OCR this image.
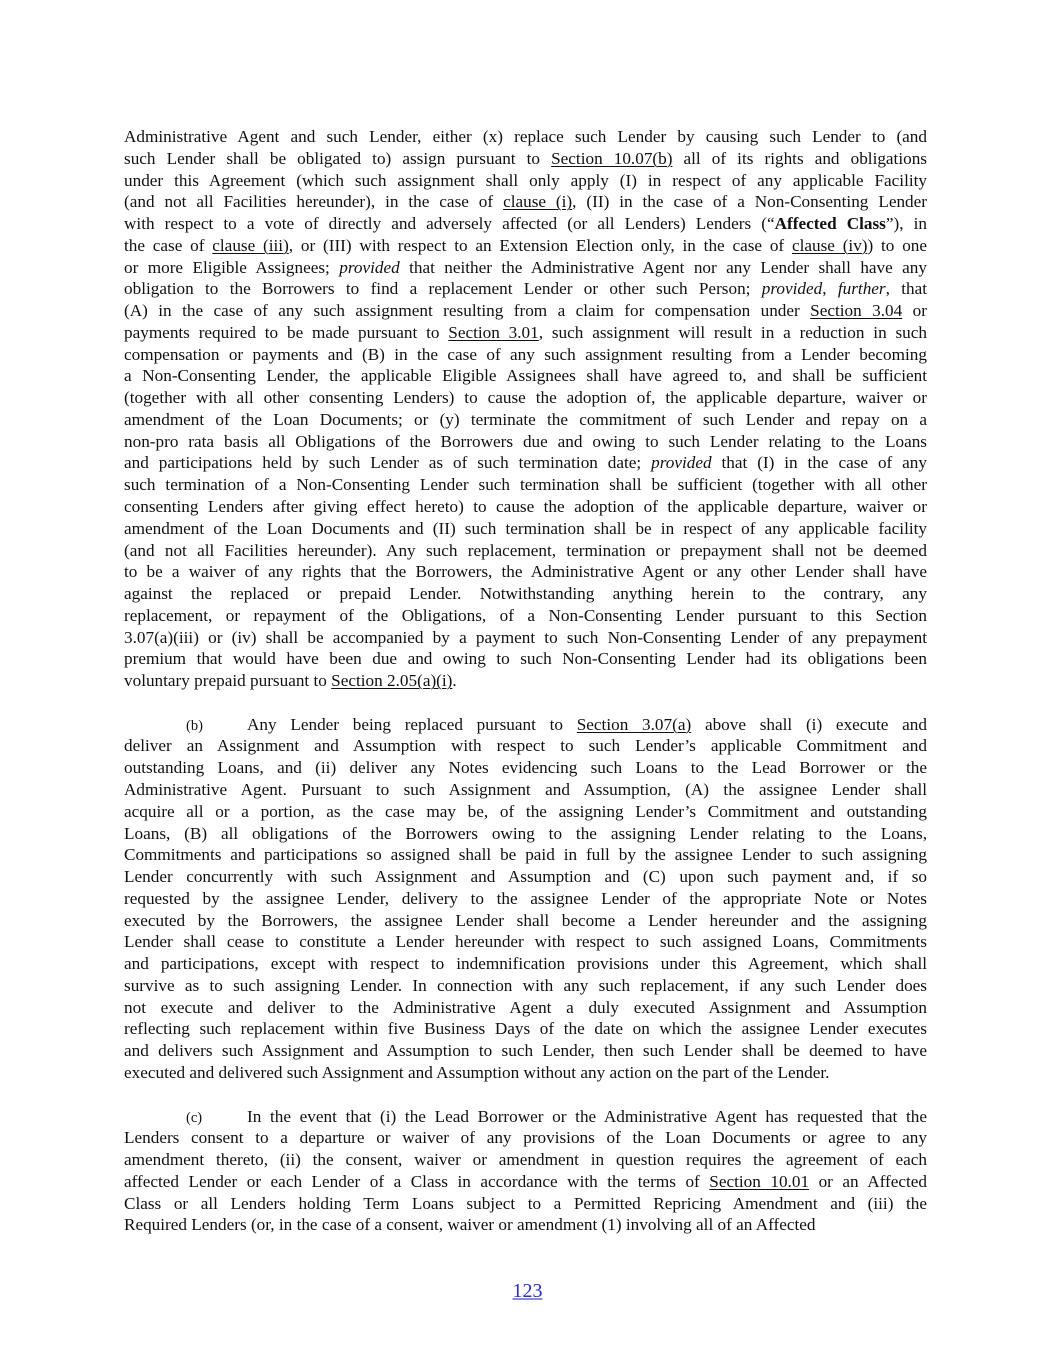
Administrative Agent and such Lender, either (x) replace such Lender by causing such Lender to (and
such Lender shall be obligated to) assign pursuant to Section 10.07(b) all of its rights and obligations
under this Agreement (which such assignment shall only apply (I) in respect of any applicable Facility
(and not all Facilities hereunder), in the case of clause (i), (II) in the case of a Non-Consenting Lender
with respect to a vote of directly and adversely affected (or all Lenders) Lenders (“Affected Class”), in
the case of clause (iii), or (III) with respect to an Extension Election only, in the case of clause (iv)) to one
or more Eligible Assignees; provided that neither the Administrative Agent nor any Lender shall have any
obligation to the Borrowers to find a replacement Lender or other such Person; provided, further, that
(A) in the case of any such assignment resulting from a claim for compensation under Section 3.04 or
payments required to be made pursuant to Section 3.01, such assignment will result in a reduction in such
compensation or payments and (B) in the case of any such assignment resulting from a Lender becoming
a Non-Consenting Lender, the applicable Eligible Assignees shall have agreed to, and shall be sufficient
(together with all other consenting Lenders) to cause the adoption of, the applicable departure, waiver or
amendment of the Loan Documents; or (y) terminate the commitment of such Lender and repay on a
non-pro rata basis all Obligations of the Borrowers due and owing to such Lender relating to the Loans
and participations held by such Lender as of such termination date; provided that (I) in the case of any
such termination of a Non-Consenting Lender such termination shall be sufficient (together with all other
consenting Lenders after giving effect hereto) to cause the adoption of the applicable departure, waiver or
amendment of the Loan Documents and (II) such termination shall be in respect of any applicable facility
(and not all Facilities hereunder). Any such replacement, termination or prepayment shall not be deemed
to be a waiver of any rights that the Borrowers, the Administrative Agent or any other Lender shall have
against the replaced or prepaid Lender. Notwithstanding anything herein to the contrary, any
replacement, or repayment of the Obligations, of a Non-Consenting Lender pursuant to this Section
3.07(a)(iii) or (iv) shall be accompanied by a payment to such Non-Consenting Lender of any prepayment
premium that would have been due and owing to such Non-Consenting Lender had its obligations been
voluntary prepaid pursuant to Section 2.05(a)(i).
(b)	Any Lender being replaced pursuant to Section 3.07(a) above shall (i) execute and
deliver an Assignment and Assumption with respect to such Lender’s applicable Commitment and
outstanding Loans, and (ii) deliver any Notes evidencing such Loans to the Lead Borrower or the
Administrative Agent. Pursuant to such Assignment and Assumption, (A) the assignee Lender shall
acquire all or a portion, as the case may be, of the assigning Lender’s Commitment and outstanding
Loans, (B) all obligations of the Borrowers owing to the assigning Lender relating to the Loans,
Commitments and participations so assigned shall be paid in full by the assignee Lender to such assigning
Lender concurrently with such Assignment and Assumption and (C) upon such payment and, if so
requested by the assignee Lender, delivery to the assignee Lender of the appropriate Note or Notes
executed by the Borrowers, the assignee Lender shall become a Lender hereunder and the assigning
Lender shall cease to constitute a Lender hereunder with respect to such assigned Loans, Commitments
and participations, except with respect to indemnification provisions under this Agreement, which shall
survive as to such assigning Lender. In connection with any such replacement, if any such Lender does
not execute and deliver to the Administrative Agent a duly executed Assignment and Assumption
reflecting such replacement within five Business Days of the date on which the assignee Lender executes
and delivers such Assignment and Assumption to such Lender, then such Lender shall be deemed to have
executed and delivered such Assignment and Assumption without any action on the part of the Lender.
(c)	In the event that (i) the Lead Borrower or the Administrative Agent has requested that the
Lenders consent to a departure or waiver of any provisions of the Loan Documents or agree to any
amendment thereto, (ii) the consent, waiver or amendment in question requires the agreement of each
affected Lender or each Lender of a Class in accordance with the terms of Section 10.01 or an Affected
Class or all Lenders holding Term Loans subject to a Permitted Repricing Amendment and (iii) the
Required Lenders (or, in the case of a consent, waiver or amendment (1) involving all of an Affected
123
